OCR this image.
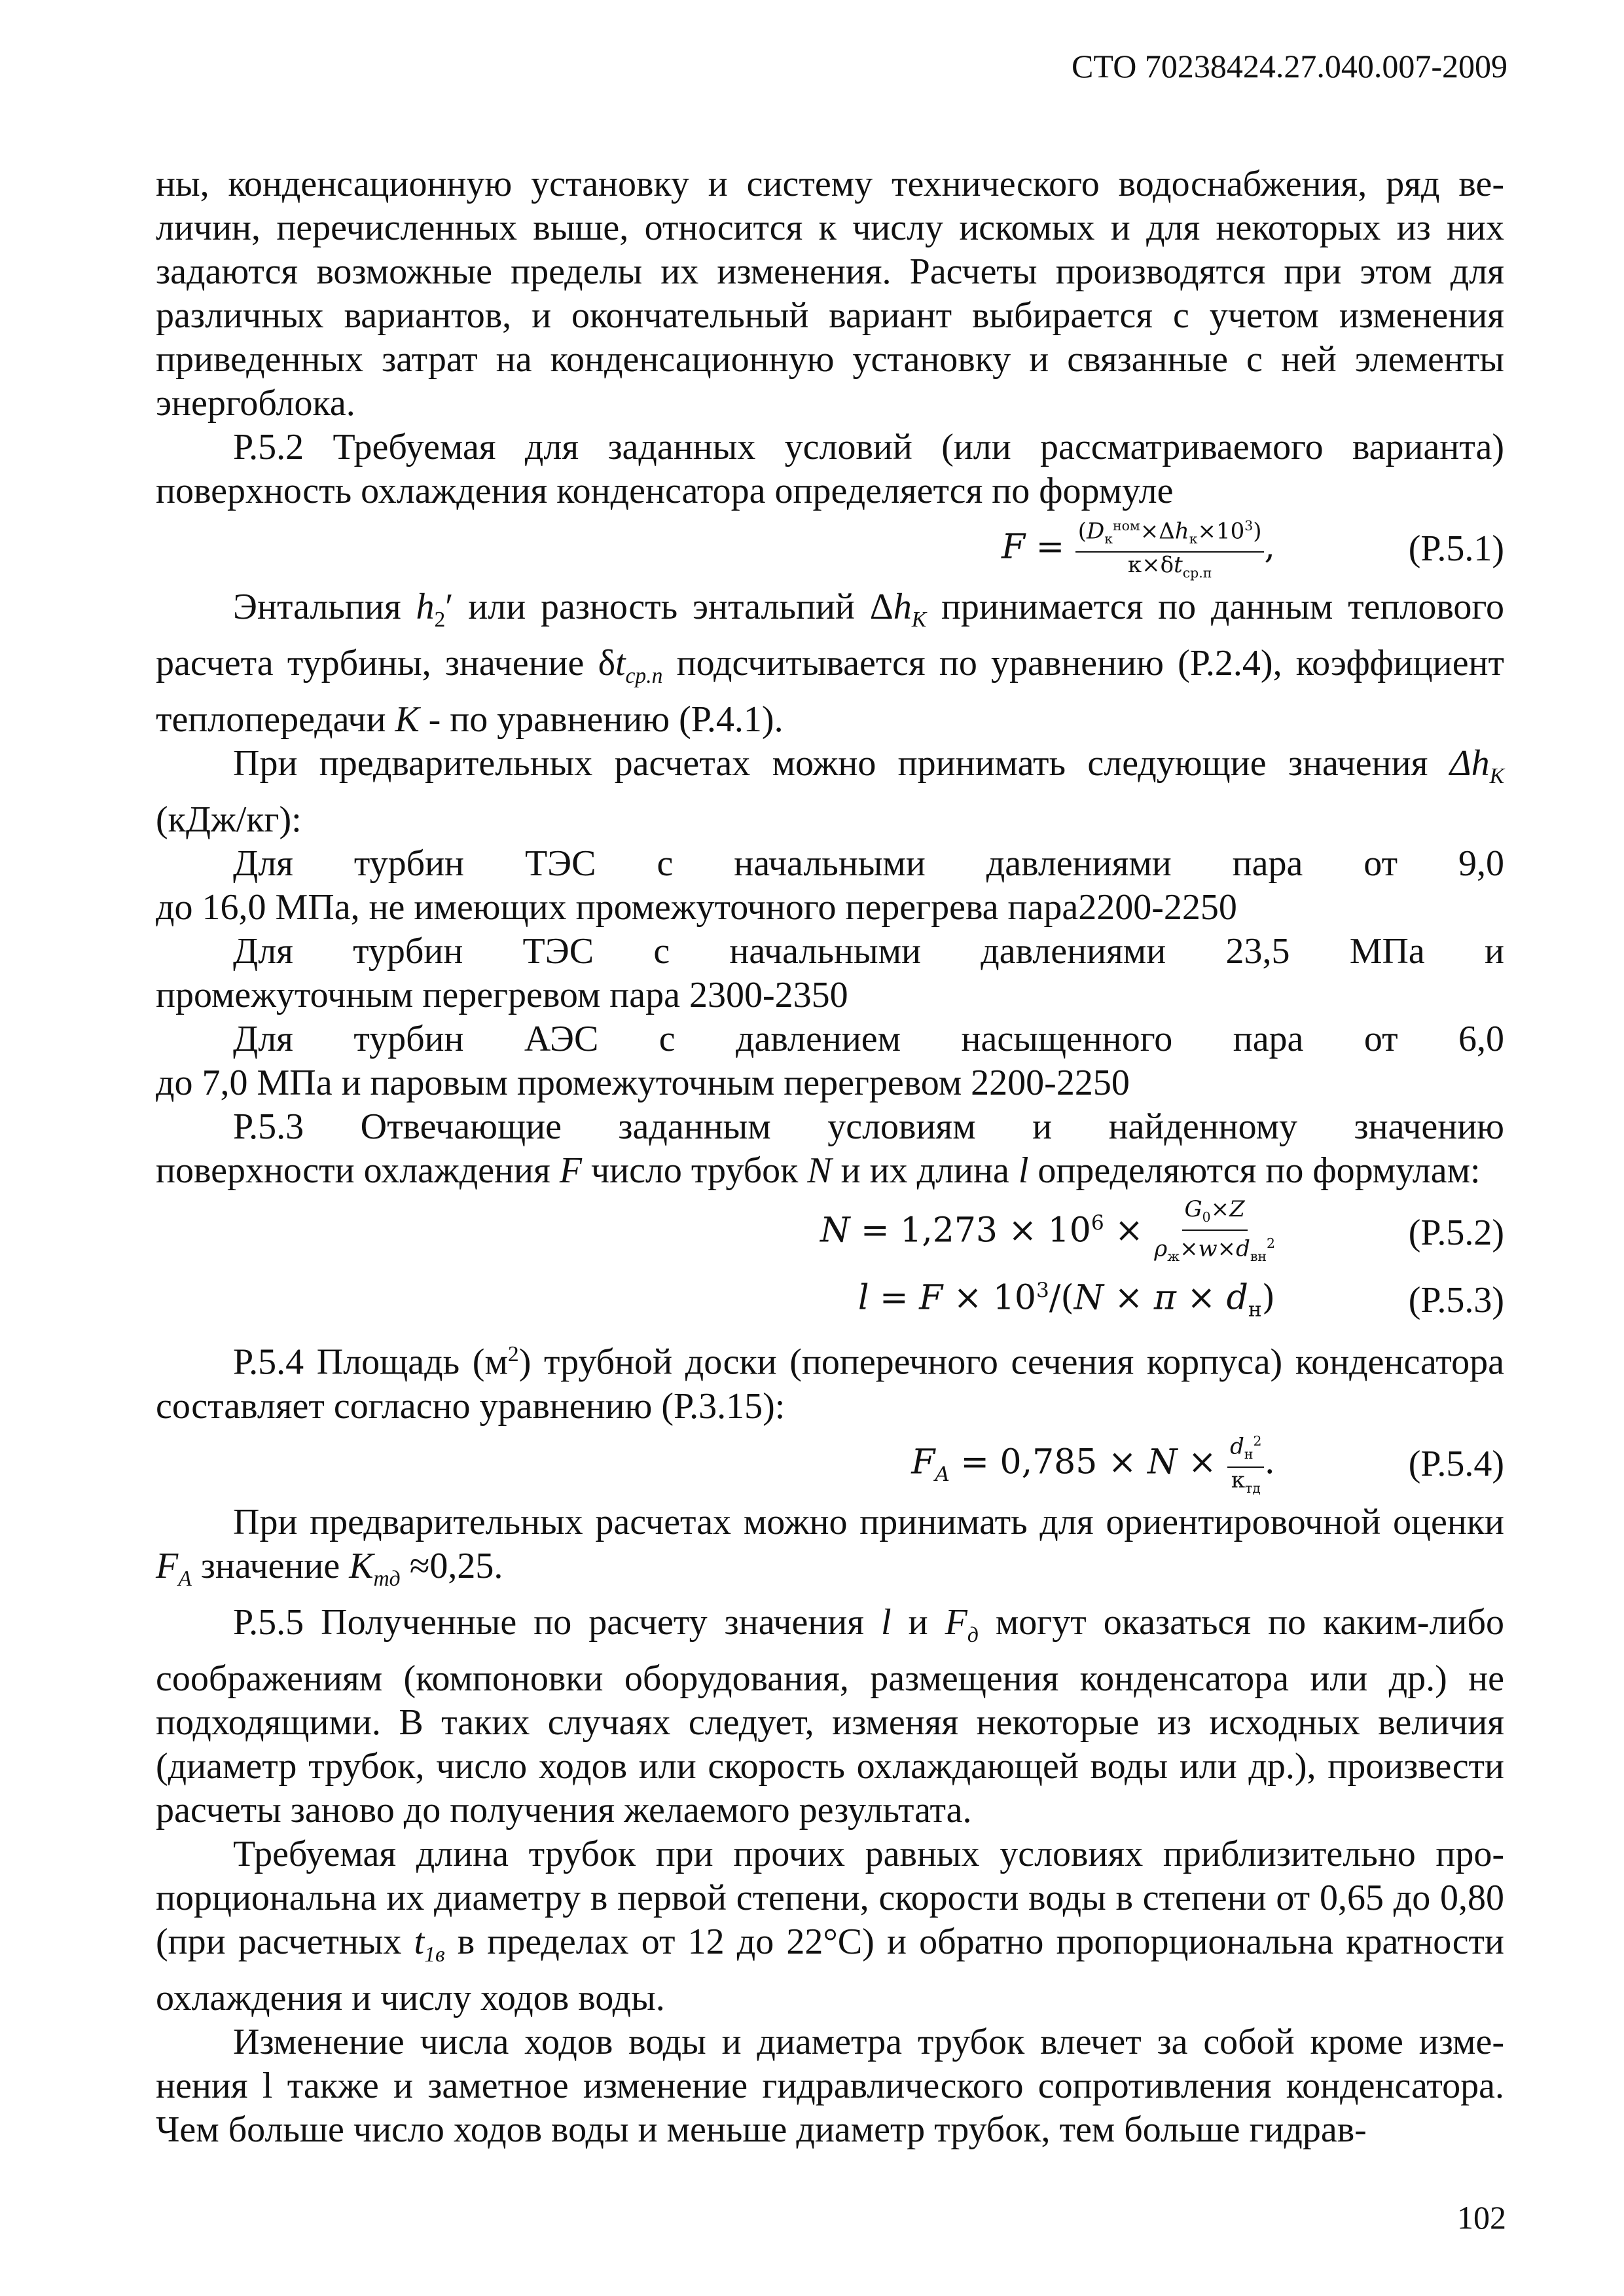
СТО 70238424.27.040.007-2009

ны, конденсационную установку и систему технического водоснабжения, ряд величин, перечисленных выше, относится к числу искомых и для некоторых из них задаются возможные пределы их изменения. Расчеты производятся при этом для различных вариантов, и окончательный вариант выбирается с учетом изменения приведенных затрат на конденсационную установку и связанные с ней элементы энергоблока.

Р.5.2 Требуемая для заданных условий (или рассматриваемого варианта) поверхность охлаждения конденсатора определяется по формуле

$F = \frac{(D_к^{ном}\times\Delta h_к\times 10^3)}{к\times\delta t_{ср.п}}$ ,	(P.5.1)

Энтальпия $h_2'$ или разность энтальпий $\Delta h_K$ принимается по данным теплового расчета турбины, значение $\delta t_{cp.n}$ подсчитывается по уравнению (Р.2.4), коэффициент теплопередачи К - по уравнению (Р.4.1).

При предварительных расчетах можно принимать следующие значения $\Delta h_K$ (кДж/кг):

Для турбин ТЭС с начальными давлениями пара от 9,0

до 16,0 МПа, не имеющих промежуточного перегрева пара2200-2250

Для турбин ТЭС с начальными давлениями 23,5 МПа и

промежуточным перегревом пара 2300-2350

Для турбин АЭС с давлением насыщенного пара от 6,0

до 7,0 МПа и паровым промежуточным перегревом 2200-2250

Р.5.3 Отвечающие заданным условиям и найденному значению

поверхности охлаждения F число трубок N и их длина l определяются по формулам:

$N = 1,273 \times 10^6 \times \frac{G_0\times Z}{\rho_ж\times w\times d_{вн}^2}$	(P.5.2)
$l = F \times 10^3/(N \times \pi \times d_н)$	(P.5.3)

Р.5.4 Площадь $(м^2)$ трубной доски (поперечного сечения корпуса) конденсатора составляет согласно уравнению (Р.3.15):

$F_A = 0,785 \times N \times \frac{d_н^2}{к_{тд}}$ .	(P.5.4)

При предварительных расчетах можно принимать для ориентировочной оценки $F_A$ значение $К_{тд} \approx 0,25$.

Р.5.5 Полученные по расчету значения l и $F_д$ могут оказаться по каким-либо соображениям (компоновки оборудования, размещения конденсатора или др.) не подходящими. В таких случаях следует, изменяя некоторые из исходных величия (диаметр трубок, число ходов или скорость охлаждающей воды или др.), произвести расчеты заново до получения желаемого результата.

Требуемая длина трубок при прочих равных условиях приблизительно пропорциональна их диаметру в первой степени, скорости воды в степени от 0,65 до 0,80 (при расчетных $t_{1в}$ в пределах от 12 до 22°С) и обратно пропорциональна кратности охлаждения и числу ходов воды.

Изменение числа ходов воды и диаметра трубок влечет за собой кроме изменения l также и заметное изменение гидравлического сопротивления конденсатора. Чем больше число ходов воды и меньше диаметр трубок, тем больше гидрав-

102
